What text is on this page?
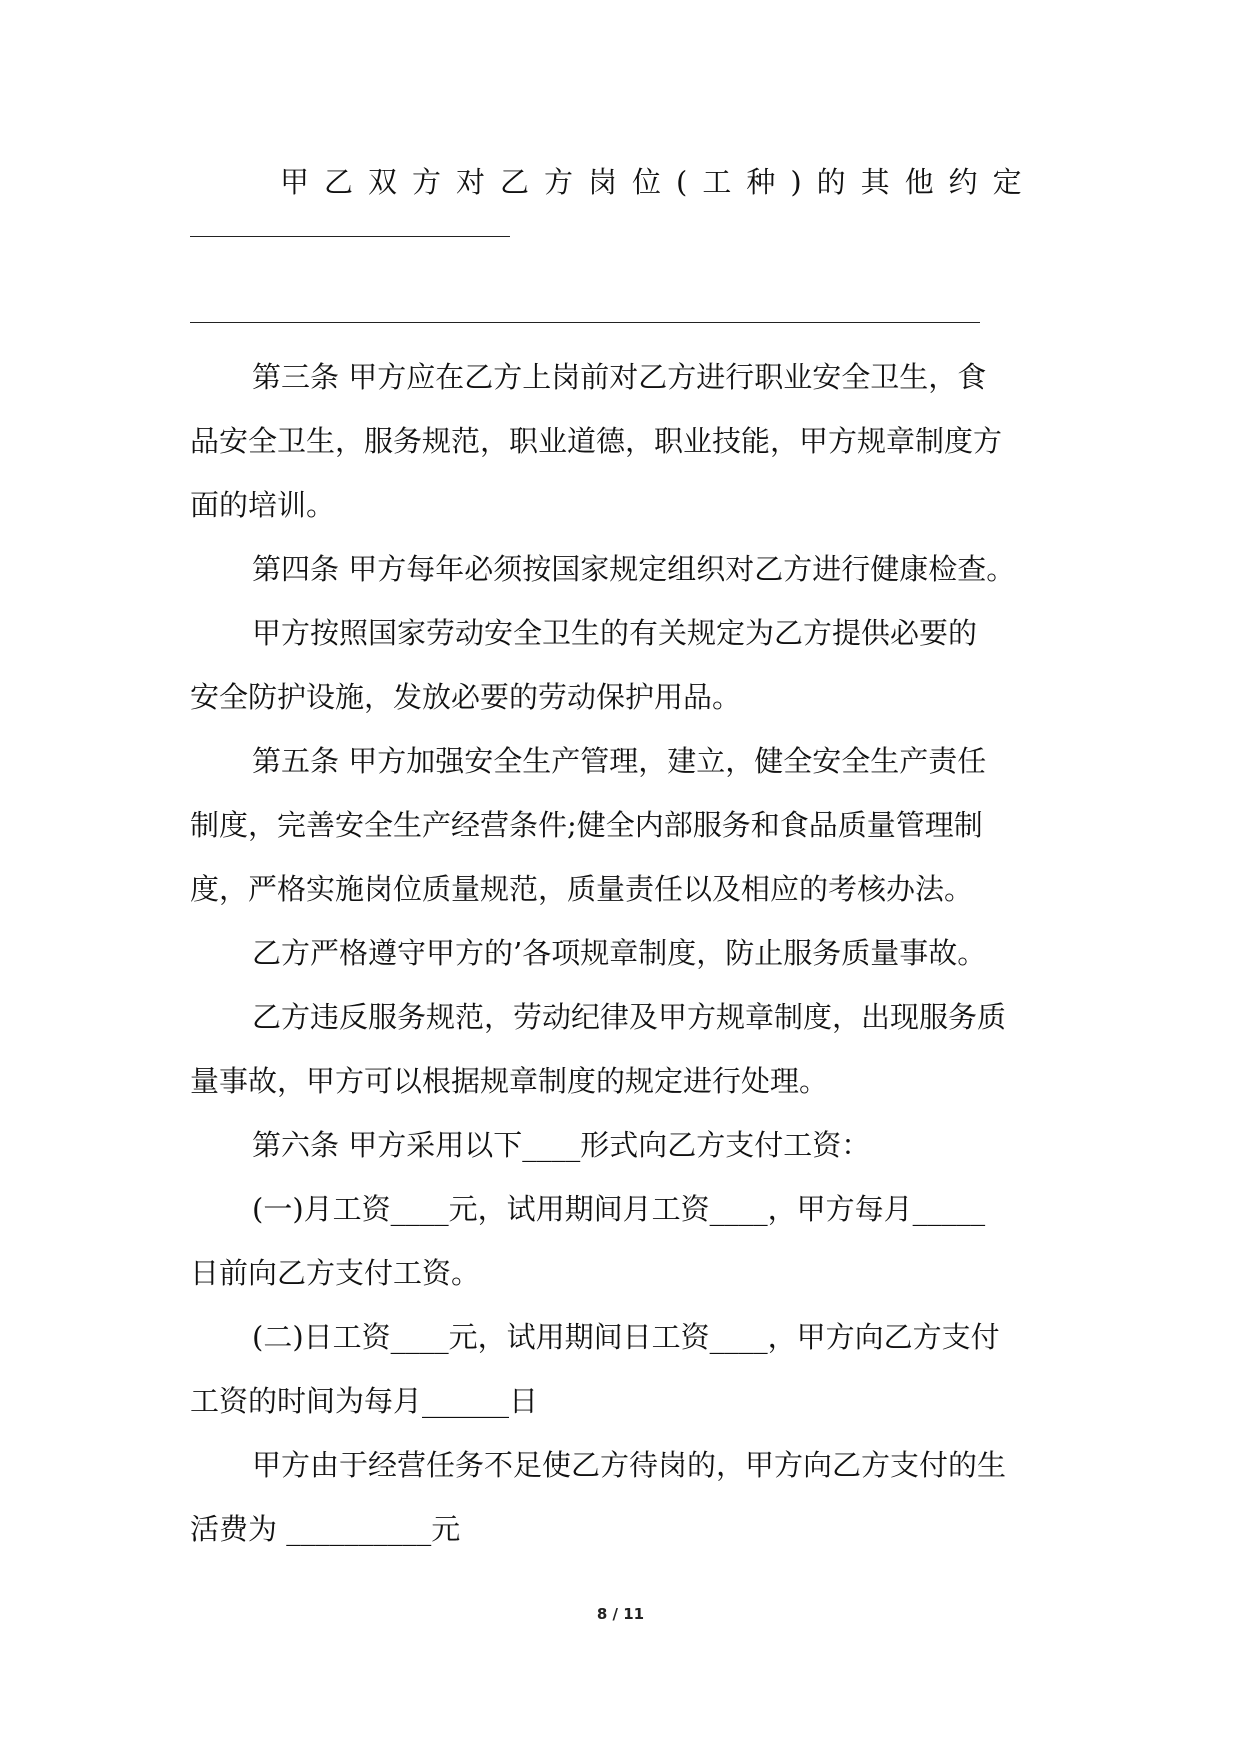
甲乙双方对乙方岗位(工种)的其他约定

第三条 甲方应在乙方上岗前对乙方进行职业安全卫生，食

品安全卫生，服务规范，职业道德，职业技能，甲方规章制度方

面的培训。

第四条 甲方每年必须按国家规定组织对乙方进行健康检查。

甲方按照国家劳动安全卫生的有关规定为乙方提供必要的

安全防护设施，发放必要的劳动保护用品。

第五条 甲方加强安全生产管理，建立，健全安全生产责任

制度，完善安全生产经营条件;健全内部服务和食品质量管理制

度，严格实施岗位质量规范，质量责任以及相应的考核办法。

乙方严格遵守甲方的’各项规章制度，防止服务质量事故。

乙方违反服务规范，劳动纪律及甲方规章制度，出现服务质

量事故，甲方可以根据规章制度的规定进行处理。

第六条 甲方采用以下____形式向乙方支付工资：

(一)月工资____元，试用期间月工资____，甲方每月_____

日前向乙方支付工资。

(二)日工资____元，试用期间日工资____，甲方向乙方支付

工资的时间为每月______日

甲方由于经营任务不足使乙方待岗的，甲方向乙方支付的生

活费为 __________元

8 / 11
